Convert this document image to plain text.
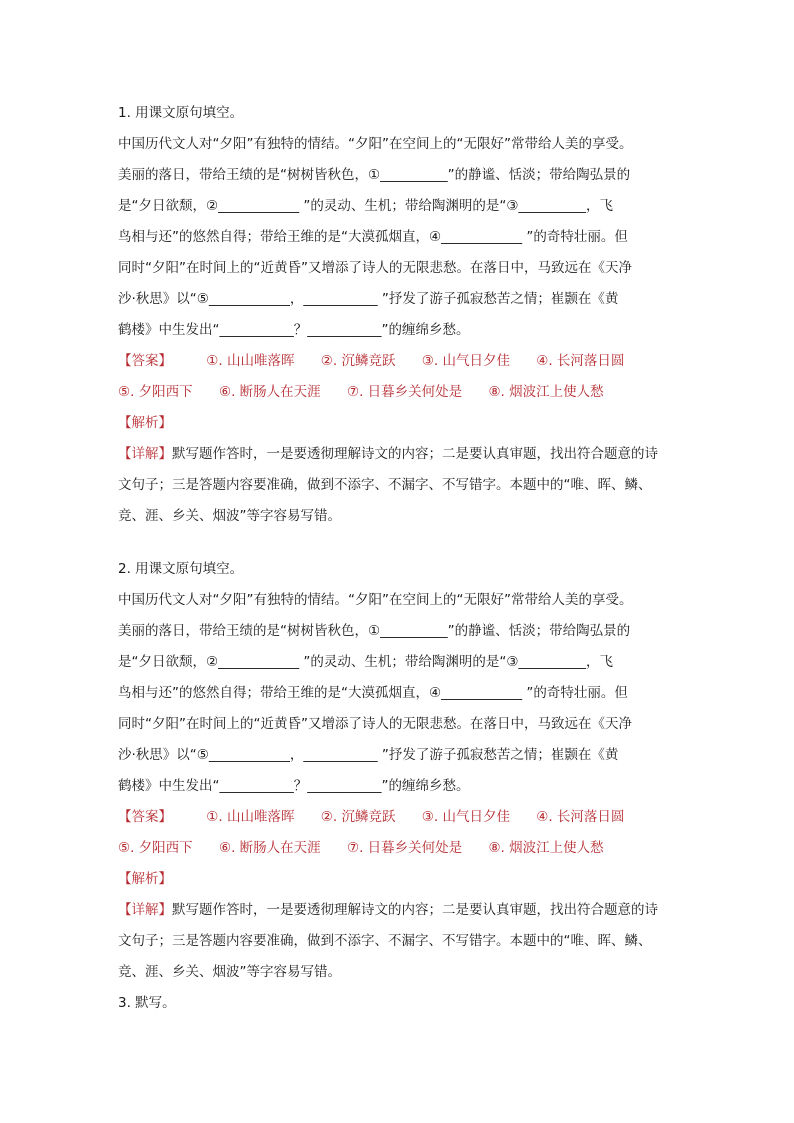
1. 用课文原句填空。
中国历代文人对“夕阳”有独特的情结。“夕阳”在空间上的“无限好”常带给人美的享受。
美丽的落日，带给王绩的是“树树皆秋色，①__________”的静谧、恬淡；带给陶弘景的
是“夕日欲颓，②____________ ”的灵动、生机；带给陶渊明的是“③__________，飞
鸟相与还”的悠然自得；带给王维的是“大漠孤烟直，④____________ ”的奇特壮丽。但
同时“夕阳”在时间上的“近黄昏”又增添了诗人的无限悲愁。在落日中，马致远在《天净
沙·秋思》以“⑤____________，___________ ”抒发了游子孤寂愁苦之情；崔颢在《黄
鹤楼》中生发出“___________？___________”的缠绵乡愁。
【答案】	①. 山山唯落晖 ②. 沉鳞竞跃 ③. 山气日夕佳 ④. 长河落日圆
⑤. 夕阳西下 ⑥. 断肠人在天涯 ⑦. 日暮乡关何处是 ⑧. 烟波江上使人愁
【解析】
【详解】默写题作答时，一是要透彻理解诗文的内容；二是要认真审题，找出符合题意的诗
文句子；三是答题内容要准确，做到不添字、不漏字、不写错字。本题中的“唯、晖、鳞、
竞、涯、乡关、烟波”等字容易写错。
2. 用课文原句填空。
中国历代文人对“夕阳”有独特的情结。“夕阳”在空间上的“无限好”常带给人美的享受。
美丽的落日，带给王绩的是“树树皆秋色，①__________”的静谧、恬淡；带给陶弘景的
是“夕日欲颓，②____________ ”的灵动、生机；带给陶渊明的是“③__________，飞
鸟相与还”的悠然自得；带给王维的是“大漠孤烟直，④____________ ”的奇特壮丽。但
同时“夕阳”在时间上的“近黄昏”又增添了诗人的无限悲愁。在落日中，马致远在《天净
沙·秋思》以“⑤____________，___________ ”抒发了游子孤寂愁苦之情；崔颢在《黄
鹤楼》中生发出“___________？___________”的缠绵乡愁。
【答案】	①. 山山唯落晖 ②. 沉鳞竞跃 ③. 山气日夕佳 ④. 长河落日圆
⑤. 夕阳西下 ⑥. 断肠人在天涯 ⑦. 日暮乡关何处是 ⑧. 烟波江上使人愁
【解析】
【详解】默写题作答时，一是要透彻理解诗文的内容；二是要认真审题，找出符合题意的诗
文句子；三是答题内容要准确，做到不添字、不漏字、不写错字。本题中的“唯、晖、鳞、
竞、涯、乡关、烟波”等字容易写错。
3. 默写。
